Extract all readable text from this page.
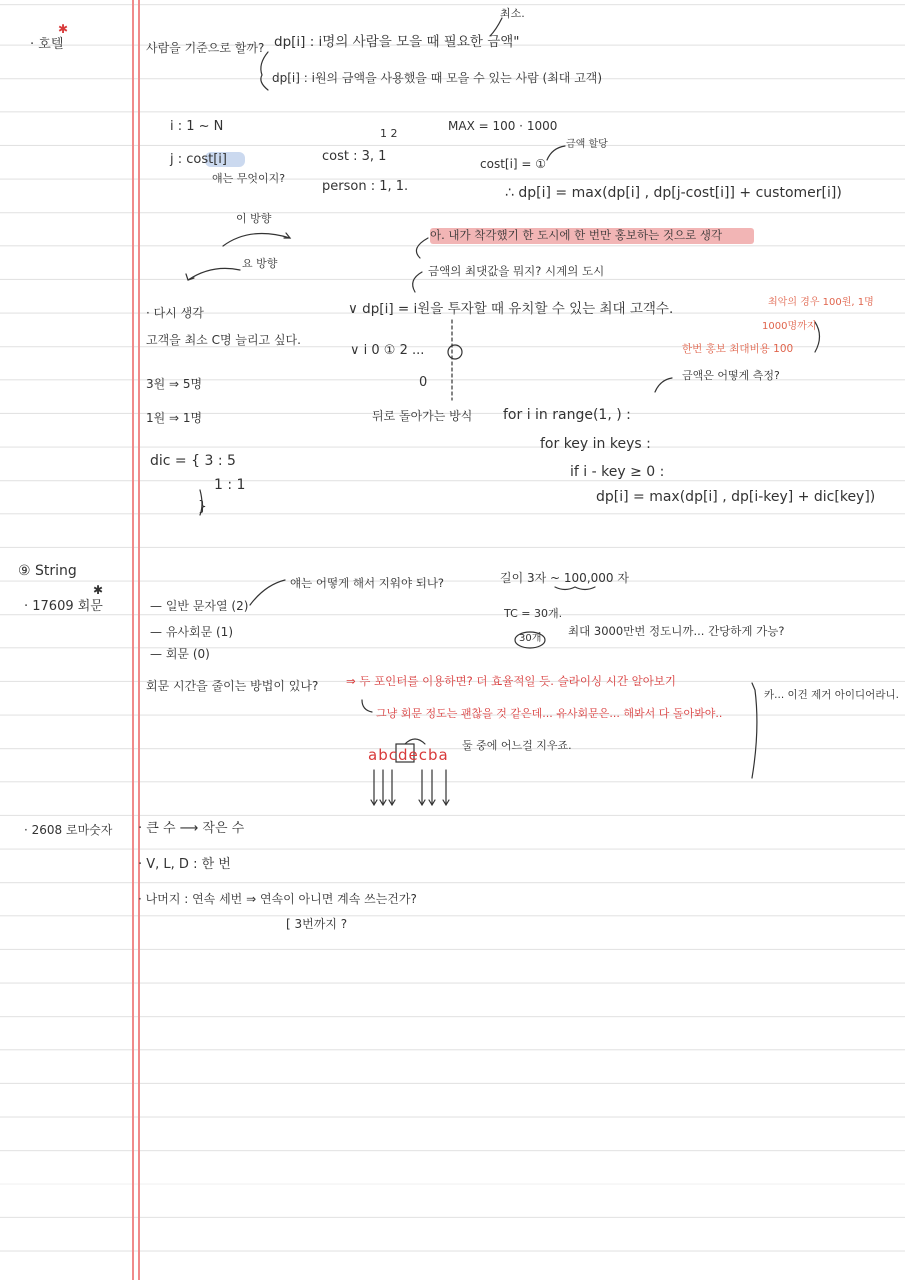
✱
✱
· 호텔	사람을 기준으로 할까? dp[i] : i명의 사람을 모을 때 필요한 금액"
최소.
dp[i] : i원의 금액을 사용했을 때 모을 수 있는 사람 (최대 고객)
i : 1 ~ N
j : cost[i]
얘는 무엇이지?
1 2
cost : 3, 1
person : 1, 1.
MAX = 100 · 1000
cost[i] = ①
금액 할당
∴ dp[i] = max(dp[i] , dp[j-cost[i]] + customer[i])
이 방향
요 방향
아. 내가 착각했기 한 도시에 한 번만 홍보하는 것으로 생각
금액의 최댓값을 뭐지? 시계의 도시
· 다시 생각	∨ dp[i] = i원을 투자할 때 유치할 수 있는 최대 고객수.	최악의 경우 100원, 1명
1000명까지
한번 홍보 최대비용 100
고객을 최소 C명 늘리고 싶다.
∨ i 0 ① 2 ...
0
3원 ⇒ 5명
1원 ⇒ 1명	뒤로 돌아가는 방식
금액은 어떻게 측정?
for i in range(1, ) :
for key in keys :
if i - key ≥ 0 :
dp[i] = max(dp[i] , dp[i-key] + dic[key])
dic = { 3 : 5
1 : 1
}
⑨ String
· 17609 회문	— 일반 문자열 (2)
— 유사회문 (1)
— 회문 (0)
얘는 어떻게 해서 지워야 되나?	길이 3자 ~ 100,000 자
TC = 30개.
30개
최대 3000만번 정도니까... 간당하게 가능?
회문 시간을 줄이는 방법이 있나? ⇒ 두 포인터를 이용하면? 더 효율적일 듯. 슬라이싱 시간 알아보기
그냥 회문 정도는 괜찮을 것 같은데... 유사회문은... 해봐서 다 돌아봐야..
카... 이건 제거 아이디어라니.
abcdecba
둘 중에 어느걸 지우죠.
· 2608 로마숫자 · 큰 수 ⟶ 작은 수
· V, L, D : 한 번
· 나머지 : 연속 세번 ⇒ 연속이 아니면 계속 쓰는건가?
[ 3번까지 ?
